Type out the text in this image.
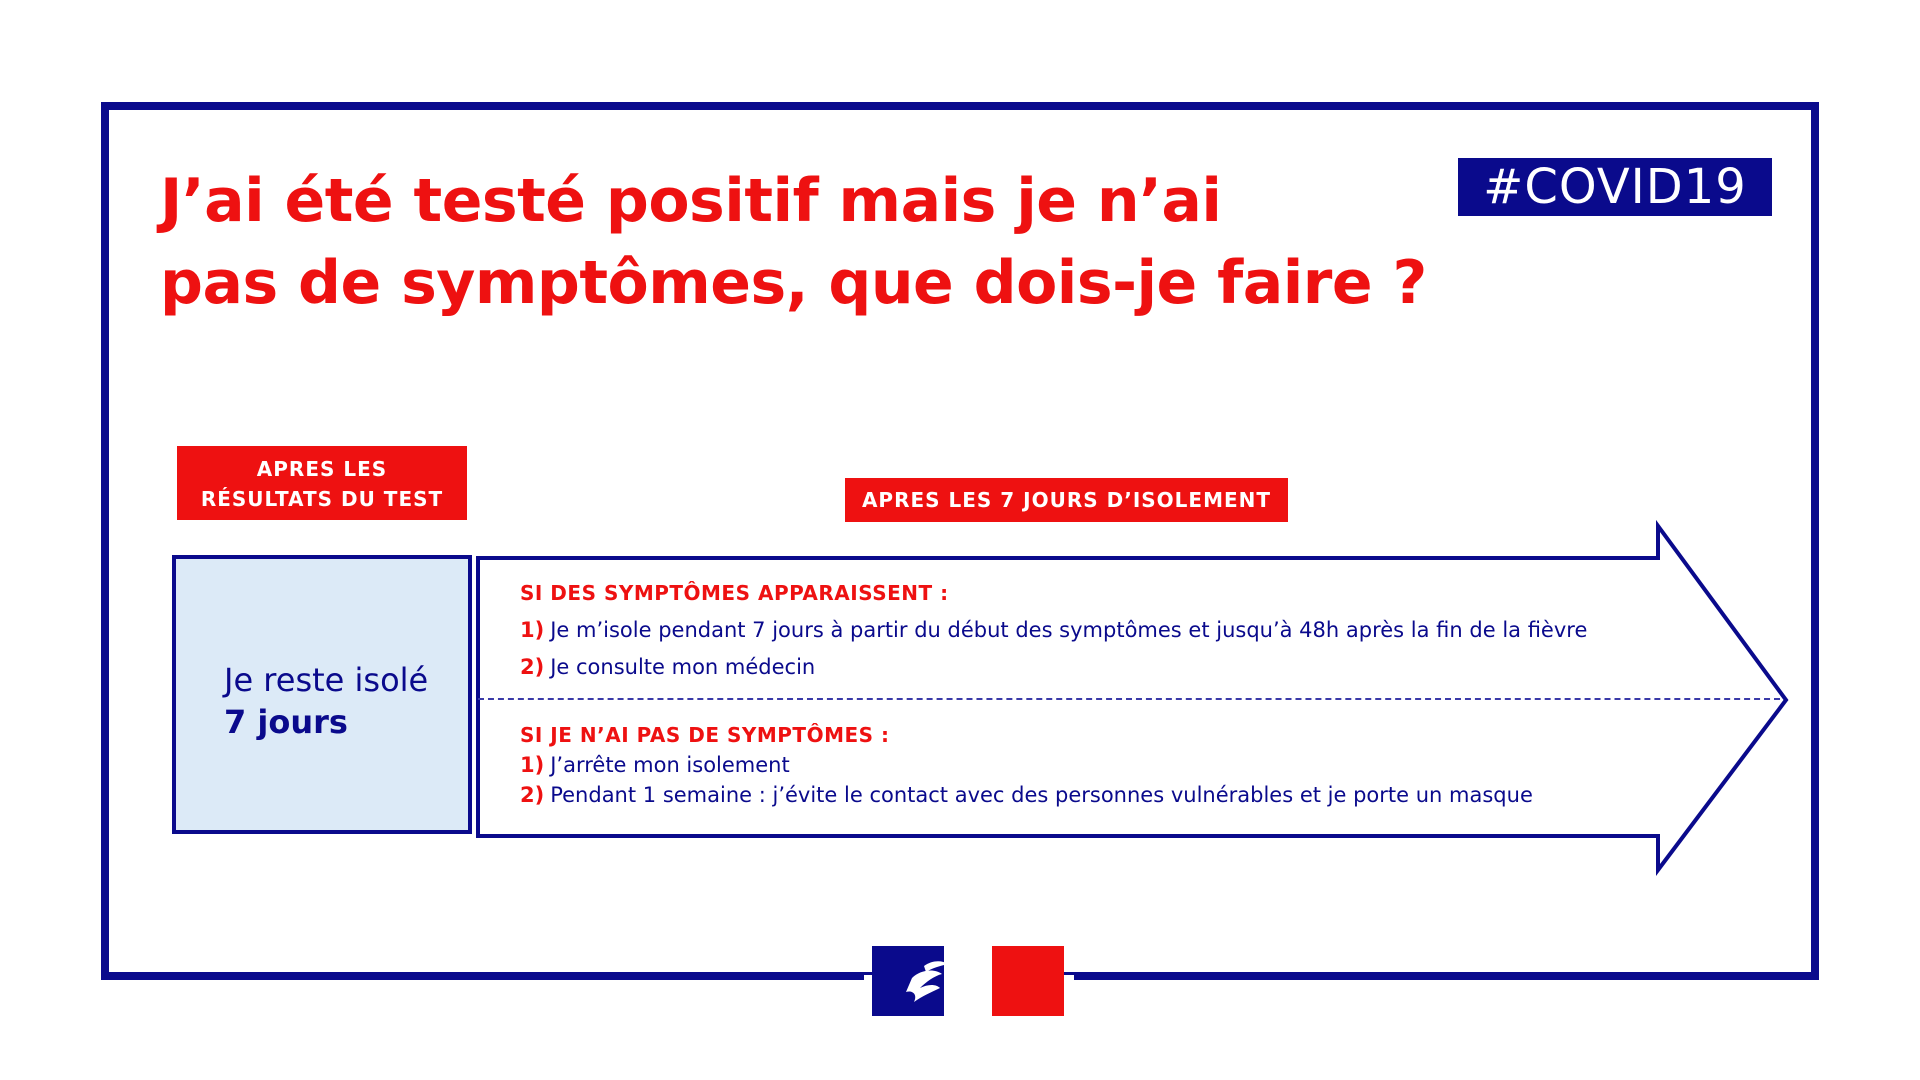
J’ai été testé positif mais je n’ai
pas de symptômes, que dois-je faire ?
#COVID19
APRES LES
RÉSULTATS DU TEST	APRES LES 7 JOURS D’ISOLEMENT
Je reste isolé
7 jours
SI DES SYMPTÔMES APPARAISSENT :
1) Je m’isole pendant 7 jours à partir du début des symptômes et jusqu’à 48h après la fin de la fièvre
2) Je consulte mon médecin
SI JE N’AI PAS DE SYMPTÔMES :
1) J’arrête mon isolement
2) Pendant 1 semaine : j’évite le contact avec des personnes vulnérables et je porte un masque
